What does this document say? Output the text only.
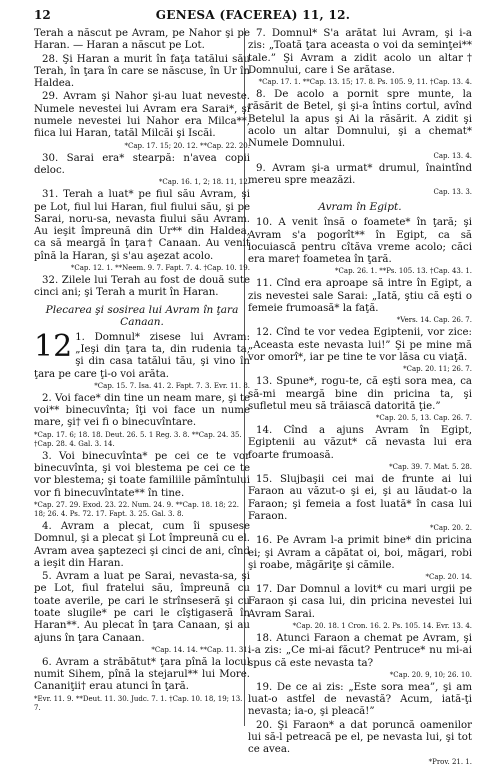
12	GENESA (FACEREA) 11, 12.

Terah a născut pe Avram, pe Nahor şi pe Haran. — Haran a născut pe Lot.

28. Şi Haran a murit în faţa tatălui său Terah, în ţara în care se născuse, în Ur în Haldea.

29. Avram şi Nahor şi-au luat neveste. Numele nevestei lui Avram era Sarai*, şi numele nevestei lui Nahor era Milca**, fiica lui Haran, tatăl Milcăi şi Iscăi.

*Cap. 17. 15; 20. 12. **Cap. 22. 20.

30. Sarai era* stearpă: n'avea copii deloc.

*Cap. 16. 1, 2; 18. 11, 12.

31. Terah a luat* pe fiul său Avram, şi pe Lot, fiul lui Haran, fiul fiului său, şi pe Sarai, noru-sa, nevasta fiului său Avram. Au ieşit împreună din Ur** din Haldea, ca să meargă în ţara† Canaan. Au venit pînă la Haran, şi s'au aşezat acolo.

*Cap. 12. 1. **Neem. 9. 7. Fapt. 7. 4. †Cap. 10. 19.

32. Zilele lui Terah au fost de două sute cinci ani; şi Terah a murit în Haran.

Plecarea şi sosirea lui Avram în ţara Canaan.

12 1. Domnul* zisese lui Avram: „Ieşi din ţara ta, din rudenia ta, şi din casa tatălui tău, şi vino în ţara pe care ţi-o voi arăta.

*Cap. 15. 7. Isa. 41. 2. Fapt. 7. 3. Evr. 11. 8.

2. Voi face* din tine un neam mare, şi te voi** binecuvînta; îţi voi face un nume mare, şi† vei fi o binecuvîntare.

*Cap. 17. 6; 18. 18. Deut. 26. 5. 1 Reg. 3. 8. **Cap. 24. 35. †Cap. 28. 4. Gal. 3. 14.

3. Voi binecuvînta* pe cei ce te vor binecuvînta, şi voi blestema pe cei ce te vor blestema; şi toate familiile pămîntului vor fi binecuvîntate** în tine.

*Cap. 27. 29. Exod. 23. 22. Num. 24. 9. **Cap. 18. 18; 22. 18; 26. 4. Ps. 72. 17. Fapt. 3. 25. Gal. 3. 8.

4. Avram a plecat, cum îi spusese Domnul, şi a plecat şi Lot împreună cu el. Avram avea şaptezeci şi cinci de ani, cînd a ieşit din Haran.

5. Avram a luat pe Sarai, nevasta-sa, şi pe Lot, fiul fratelui său, împreună cu toate averile, pe cari le strînseseră şi cu toate slugile* pe cari le cîştigaseră în Haran**. Au plecat în ţara Canaan, şi au ajuns în ţara Canaan.

*Cap. 14. 14. **Cap. 11. 31.

6. Avram a străbătut* ţara pînă la locul numit Sihem, pînă la stejarul** lui More. Cananiţii† erau atunci în ţară.

*Evr. 11. 9. **Deut. 11. 30. Judc. 7. 1. †Cap. 10. 18, 19; 13. 7.

7. Domnul* S'a arătat lui Avram, şi i-a zis: „Toată ţara aceasta o voi da seminţei** tale.” Şi Avram a zidit acolo un altar† Domnului, care i Se arătase.

*Cap. 17. 1. **Cap. 13. 15; 17. 8. Ps. 105. 9, 11. †Cap. 13. 4.

8. De acolo a pornit spre munte, la răsărit de Betel, şi şi-a întins cortul, avînd Betelul la apus şi Ai la răsărit. A zidit şi acolo un altar Domnului, şi a chemat* Numele Domnului.

Cap. 13. 4.

9. Avram şi-a urmat* drumul, înaintînd mereu spre meazăzi.

Cap. 13. 3.
Avram în Egipt.

10. A venit însă o foamete* în ţară; şi Avram s'a pogorît** în Egipt, ca să locuiască pentru cîtăva vreme acolo; căci era mare† foametea în ţară.

*Cap. 26. 1. **Ps. 105. 13. †Cap. 43. 1.

11. Cînd era aproape să intre în Egipt, a zis nevestei sale Sarai: „Iată, ştiu că eşti o femeie frumoasă* la faţă.

*Vers. 14. Cap. 26. 7.

12. Cînd te vor vedea Egiptenii, vor zice: „Aceasta este nevasta lui!” Şi pe mine mă vor omorî*, iar pe tine te vor lăsa cu viaţă.

*Cap. 20. 11; 26. 7.

13. Spune*, rogu-te, că eşti sora mea, ca să-mi meargă bine din pricina ta, şi sufletul meu să trăiască datorită ţie.”

*Cap. 20. 5, 13. Cap. 26. 7.

14. Cînd a ajuns Avram în Egipt, Egiptenii au văzut* că nevasta lui era foarte frumoasă.

*Cap. 39. 7. Mat. 5. 28.

15. Slujbaşii cei mai de frunte ai lui Faraon au văzut-o şi ei, şi au lăudat-o la Faraon; şi femeia a fost luată* în casa lui Faraon.

*Cap. 20. 2.

16. Pe Avram l-a primit bine* din pricina ei; şi Avram a căpătat oi, boi, măgari, robi şi roabe, măgăriţe şi cămile.

*Cap. 20. 14.

17. Dar Domnul a lovit* cu mari urgii pe Faraon şi casa lui, din pricina nevestei lui Avram Sarai.

*Cap. 20. 18. 1 Cron. 16. 2. Ps. 105. 14. Evr. 13. 4.

18. Atunci Faraon a chemat pe Avram, şi i-a zis: „Ce mi-ai făcut? Pentruce* nu mi-ai spus că este nevasta ta?

*Cap. 20. 9, 10; 26. 10.

19. De ce ai zis: „Este sora mea”, şi am luat-o astfel de nevastă? Acum, iată-ţi nevasta; ia-o, şi pleacă!”

20. Şi Faraon* a dat poruncă oamenilor lui să-l petreacă pe el, pe nevasta lui, şi tot ce avea.

*Prov. 21. 1.
